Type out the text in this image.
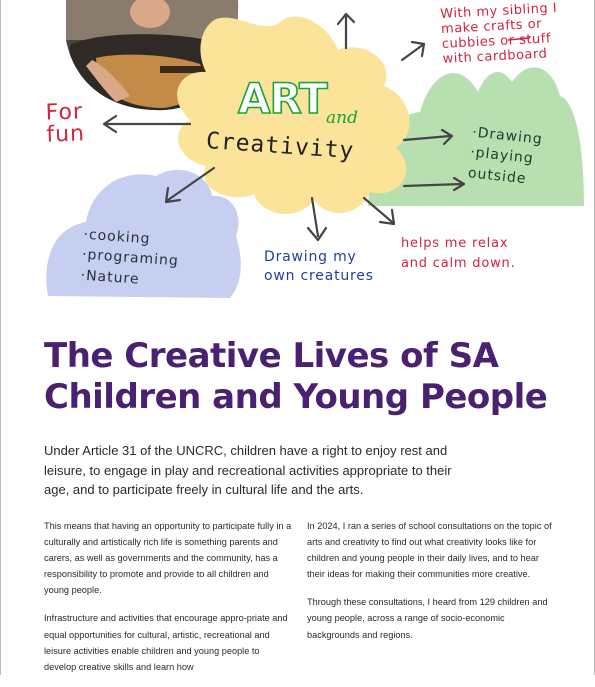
ART and
Creativity

With my sibling I
make crafts or
cubbies or stuff
with cardboard

For
fun	·Drawing
·playing
outside

·cooking
·programing
·Nature

Drawing my
own creatures

helps me relax
and calm down.

The Creative Lives of SA Children and Young People

Under Article 31 of the UNCRC, children have a right to enjoy rest and leisure, to engage in play and recreational activities appropriate to their age, and to participate freely in cultural life and the arts.

This means that having an opportunity to participate fully in a culturally and artistically rich life is something parents and carers, as well as governments and the community, has a responsibility to promote and provide to all children and young people.

Infrastructure and activities that encourage appro-priate and equal opportunities for cultural, artistic, recreational and leisure activities enable children and young people to develop creative skills and learn how

In 2024, I ran a series of school consultations on the topic of arts and creativity to find out what creativity looks like for children and young people in their daily lives, and to hear their ideas for making their communities more creative.

Through these consultations, I heard from 129 children and young people, across a range of socio-economic backgrounds and regions.
